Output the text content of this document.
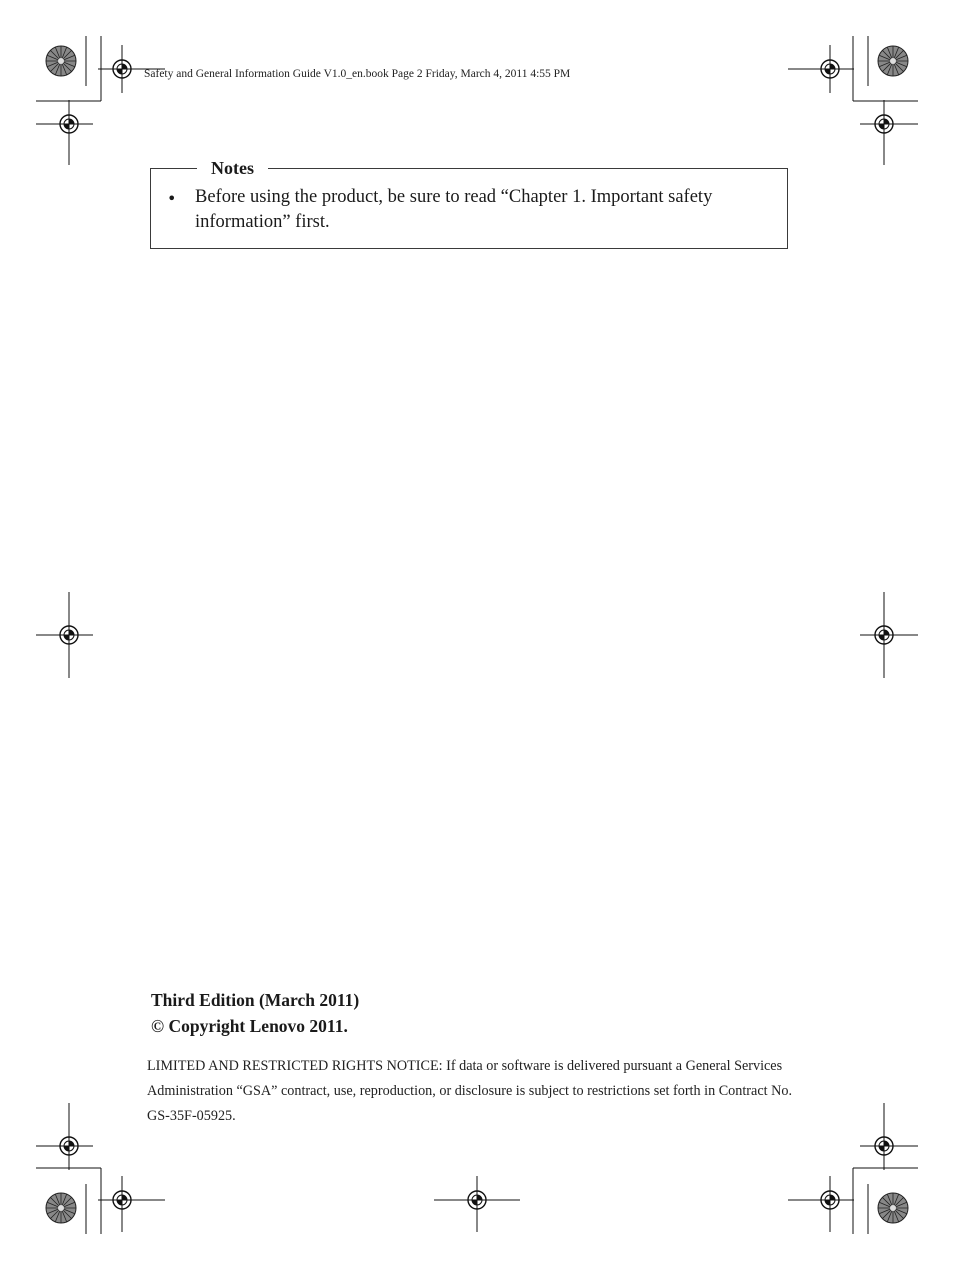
Safety and General Information Guide V1.0_en.book Page 2 Friday, March 4, 2011 4:55 PM
Notes
• Before using the product, be sure to read “Chapter 1. Important safety information” first.
Third Edition (March 2011)
© Copyright Lenovo 2011.
LIMITED AND RESTRICTED RIGHTS NOTICE: If data or software is delivered pursuant a General Services Administration “GSA” contract, use, reproduction, or disclosure is subject to restrictions set forth in Contract No. GS-35F-05925.
